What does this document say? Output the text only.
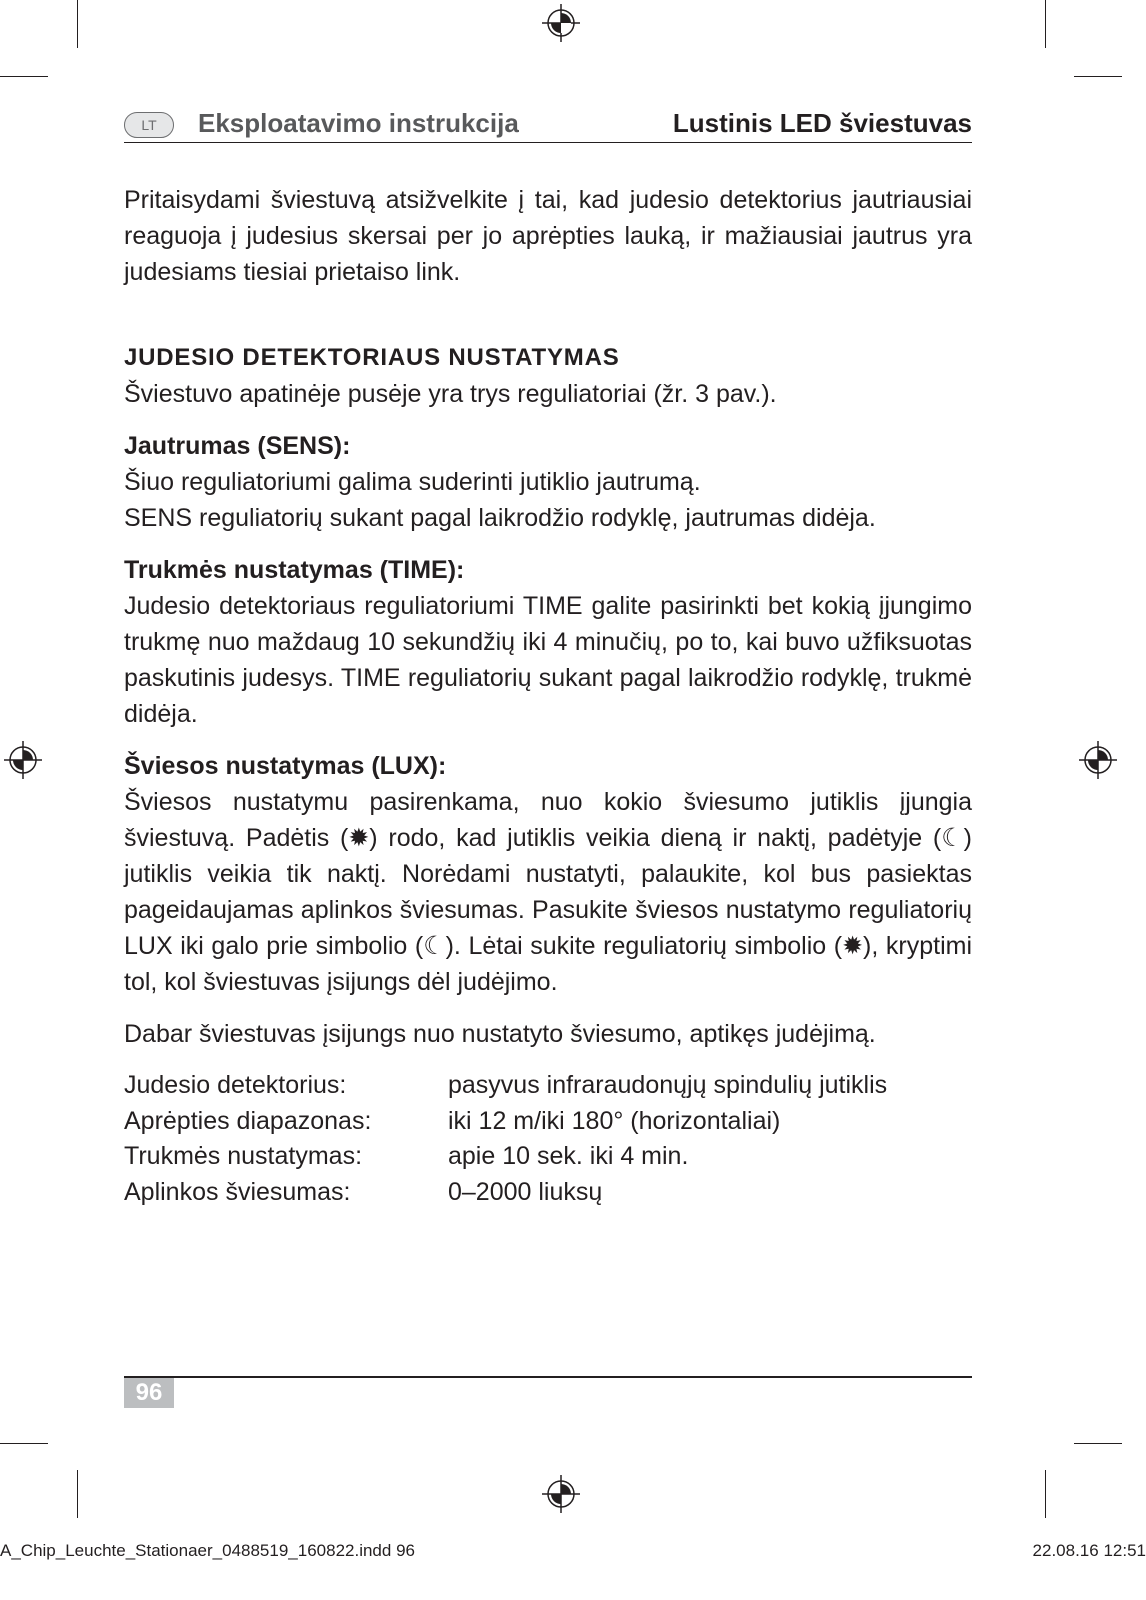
LT	Eksploatavimo instrukcija	Lustinis LED šviestuvas

Pritaisydami šviestuvą atsižvelkite į tai, kad judesio detektorius jautriausiai reaguoja į judesius skersai per jo aprėpties lauką, ir mažiausiai jautrus yra judesiams tiesiai prietaiso link.

JUDESIO DETEKTORIAUS NUSTATYMAS

Šviestuvo apatinėje pusėje yra trys reguliatoriai (žr. 3 pav.).

Jautrumas (SENS):

Šiuo reguliatoriumi galima suderinti jutiklio jautrumą.

SENS reguliatorių sukant pagal laikrodžio rodyklę, jautrumas didėja.

Trukmės nustatymas (TIME):

Judesio detektoriaus reguliatoriumi TIME galite pasirinkti bet kokią įjungimo trukmę nuo maždaug 10 sekundžių iki 4 minučių, po to, kai buvo užfiksuotas paskutinis judesys. TIME reguliatorių sukant pagal laikrodžio rodyklę, trukmė didėja.

Šviesos nustatymas (LUX):

Šviesos nustatymu pasirenkama, nuo kokio šviesumo jutiklis įjungia šviestuvą. Padėtis (✹) rodo, kad jutiklis veikia dieną ir naktį, padėtyje (☾) jutiklis veikia tik naktį. Norėdami nustatyti, palaukite, kol bus pasiektas pageidaujamas aplinkos šviesumas. Pasukite šviesos nustatymo reguliatorių LUX iki galo prie simbolio (☾). Lėtai sukite reguliatorių simbolio (✹), kryptimi tol, kol šviestuvas įsijungs dėl judėjimo.

Dabar šviestuvas įsijungs nuo nustatyto šviesumo, aptikęs judėjimą.

Judesio detektorius:	pasyvus infraraudonųjų spindulių jutiklis
Aprėpties diapazonas:	iki 12 m/iki 180° (horizontaliai)
Trukmės nustatymas:	apie 10 sek. iki 4 min.
Aplinkos šviesumas:	0–2000 liuksų
96
A_Chip_Leuchte_Stationaer_0488519_160822.indd 96	22.08.16 12:51
